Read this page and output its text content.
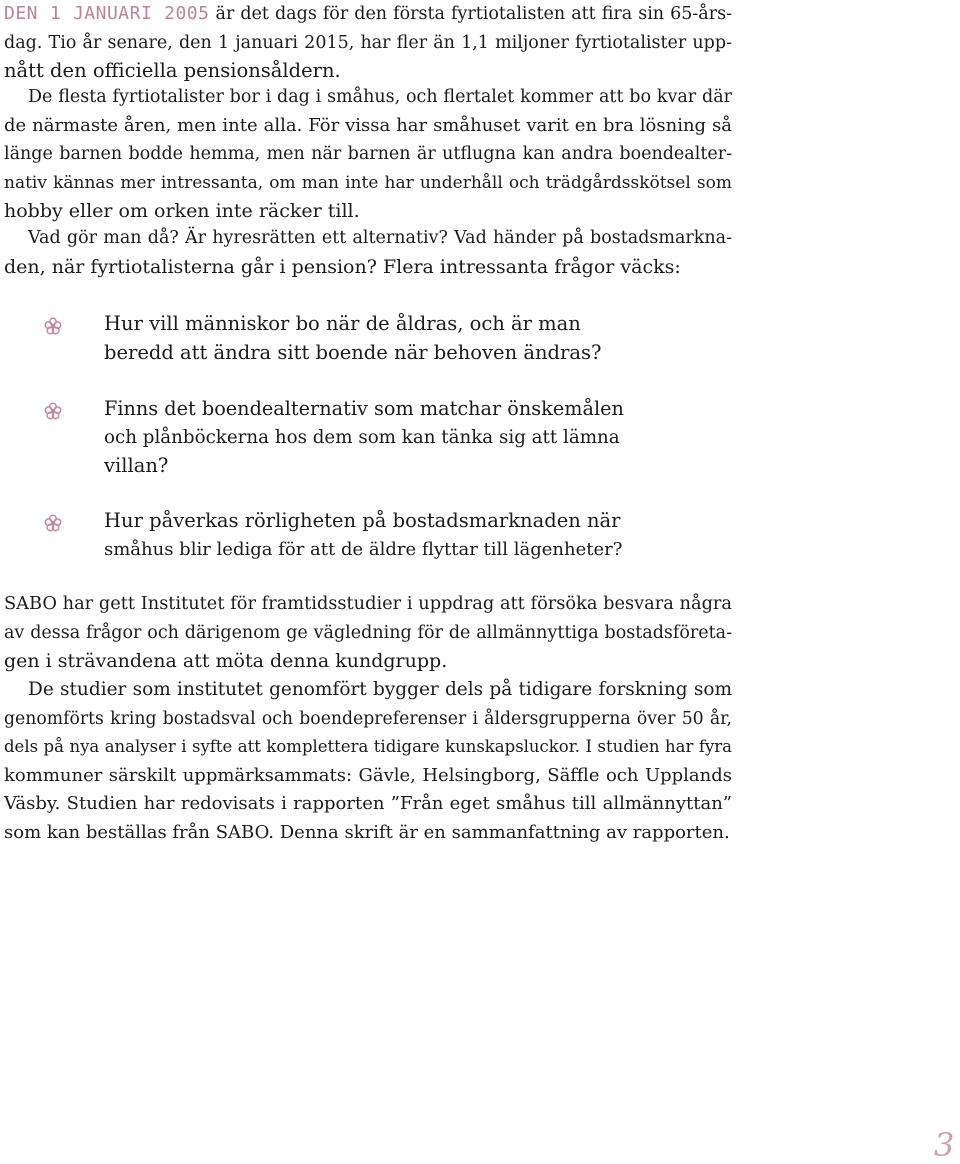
DEN 1 JANUARI 2005 är det dags för den första fyrtiotalisten att fira sin 65-års-
dag. Tio år senare, den 1 januari 2015, har fler än 1,1 miljoner fyrtiotalister upp-
nått den officiella pensionsåldern.
De flesta fyrtiotalister bor i dag i småhus, och flertalet kommer att bo kvar där
de närmaste åren, men inte alla. För vissa har småhuset varit en bra lösning så
länge barnen bodde hemma, men när barnen är utflugna kan andra boendealter-
nativ kännas mer intressanta, om man inte har underhåll och trädgårdsskötsel som
hobby eller om orken inte räcker till.
Vad gör man då? Är hyresrätten ett alternativ? Vad händer på bostadsmarkna-
den, när fyrtiotalisterna går i pension? Flera intressanta frågor väcks:
Hur vill människor bo när de åldras, och är man
beredd att ändra sitt boende när behoven ändras?
Finns det boendealternativ som matchar önskemålen
och plånböckerna hos dem som kan tänka sig att lämna
villan?
Hur påverkas rörligheten på bostadsmarknaden när
småhus blir lediga för att de äldre flyttar till lägenheter?
SABO har gett Institutet för framtidsstudier i uppdrag att försöka besvara några
av dessa frågor och därigenom ge vägledning för de allmännyttiga bostadsföreta-
gen i strävandena att möta denna kundgrupp.
De studier som institutet genomfört bygger dels på tidigare forskning som
genomförts kring bostadsval och boendepreferenser i åldersgrupperna över 50 år,
dels på nya analyser i syfte att komplettera tidigare kunskapsluckor. I studien har fyra
kommuner särskilt uppmärksammats: Gävle, Helsingborg, Säffle och Upplands
Väsby. Studien har redovisats i rapporten ”Från eget småhus till allmännyttan”
som kan beställas från SABO. Denna skrift är en sammanfattning av rapporten.
3
